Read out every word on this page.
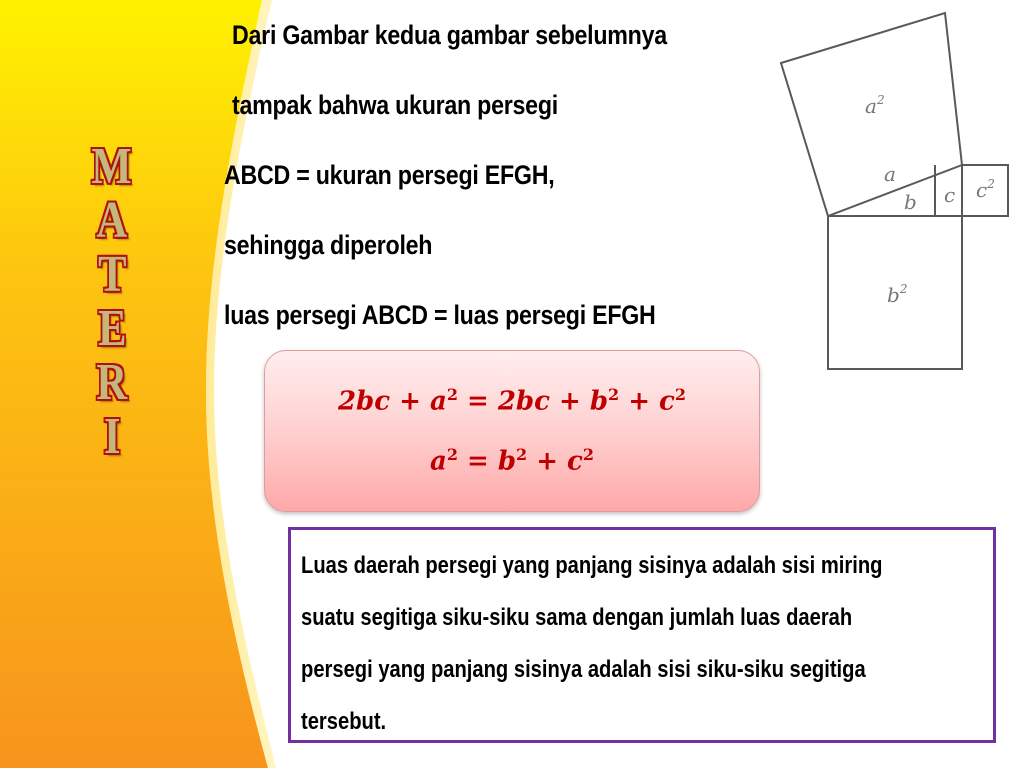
M
A
T
E
R
I
Dari Gambar kedua gambar sebelumnya
tampak bahwa ukuran persegi
ABCD = ukuran persegi EFGH,
sehingga diperoleh
luas persegi ABCD = luas persegi EFGH
$2bc + a^2 = 2bc + b^2 + c^2$
$a^2 = b^2 + c^2$
Luas daerah persegi yang panjang sisinya adalah sisi miring
suatu segitiga siku-siku sama dengan jumlah luas daerah
persegi yang panjang sisinya adalah sisi siku-siku segitiga
tersebut.
$a^2$
a
b c $c^2$
$b^2$
